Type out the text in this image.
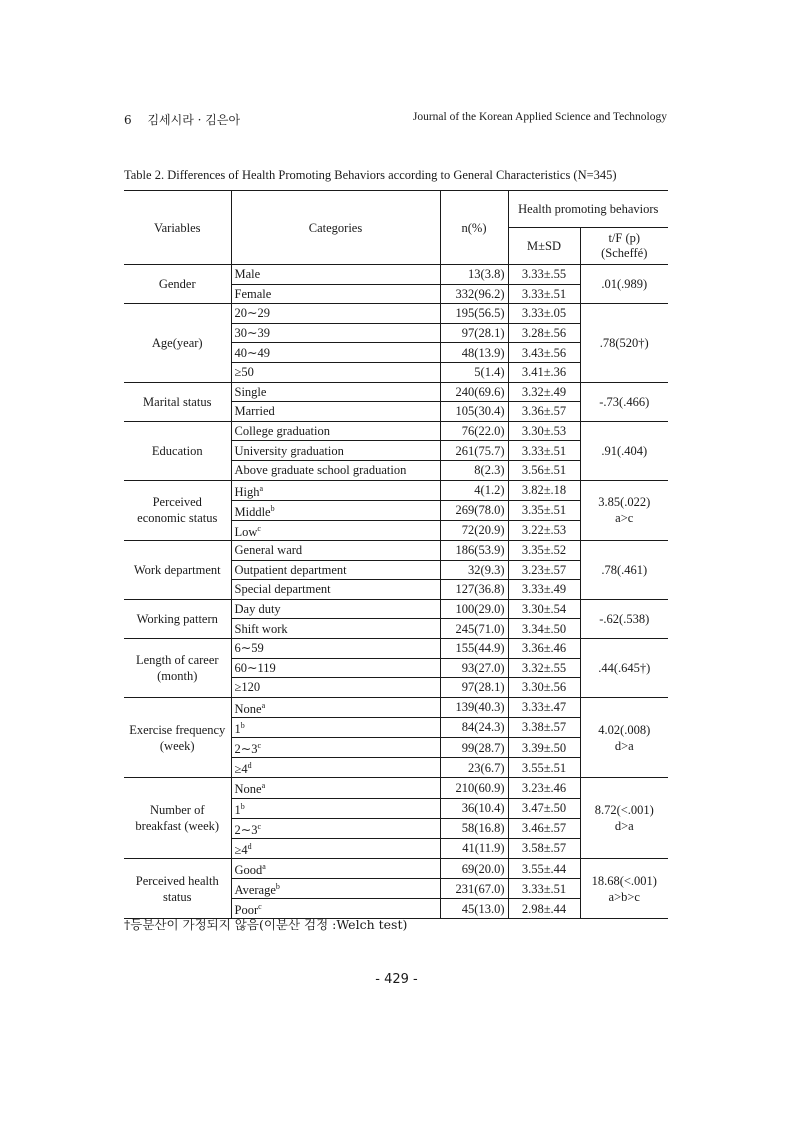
6 김세시라 · 김은아	Journal of the Korean Applied Science and Technology
Table 2. Differences of Health Promoting Behaviors according to General Characteristics (N=345)
Variables	Categories	n(%)	Health promoting behaviors	
			M±SD	t/F (p)
(Scheffé)
Gender	Male	13(3.8)	3.33±.55	.01(.989)

	Female	332(96.2)	3.33±.51	
Age(year)	20∼29	195(56.5)	3.33±.05	.78(520†)

	30∼39	97(28.1)	3.28±.56	
	40∼49	48(13.9)	3.43±.56	
	≥50	5(1.4)	3.41±.36	
Marital status	Single	240(69.6)	3.32±.49	-.73(.466)

	Married	105(30.4)	3.36±.57	
Education	College graduation	76(22.0)	3.30±.53	.91(.404)

	University graduation	261(75.7)	3.33±.51	
	Above graduate school graduation	8(2.3)	3.56±.51	
Perceived economic status	High$^a$	4(1.2)	3.82±.18	3.85(.022)
a>c

	Middle$^b$	269(78.0)	3.35±.51	
	Low$^c$	72(20.9)	3.22±.53	
Work department	General ward	186(53.9)	3.35±.52	.78(.461)

	Outpatient department	32(9.3)	3.23±.57	
	Special department	127(36.8)	3.33±.49	
Working pattern	Day duty	100(29.0)	3.30±.54	-.62(.538)

	Shift work	245(71.0)	3.34±.50	
Length of career (month)	6∼59	155(44.9)	3.36±.46	.44(.645†)

	60∼119	93(27.0)	3.32±.55	
	≥120	97(28.1)	3.30±.56	
Exercise frequency (week)	None$^a$	139(40.3)	3.33±.47	4.02(.008)
d>a

	1$^b$	84(24.3)	3.38±.57	
	2∼3$^c$	99(28.7)	3.39±.50	
	$\ge 4^d$	23(6.7)	3.55±.51	
Number of breakfast (week)	None$^a$	210(60.9)	3.23±.46	8.72(<.001)
d>a

	1$^b$	36(10.4)	3.47±.50	
	2∼3$^c$	58(16.8)	3.46±.57	
	$\ge 4^d$	41(11.9)	3.58±.57	
Perceived health status	Good$^a$	69(20.0)	3.55±.44	18.68(<.001)
a>b>c

	Average$^b$	231(67.0)	3.33±.51	
	Poor$^c$	45(13.0)	2.98±.44	
†등분산이 가정되지 않음(이분산 검정 :Welch test)
- 429 -
